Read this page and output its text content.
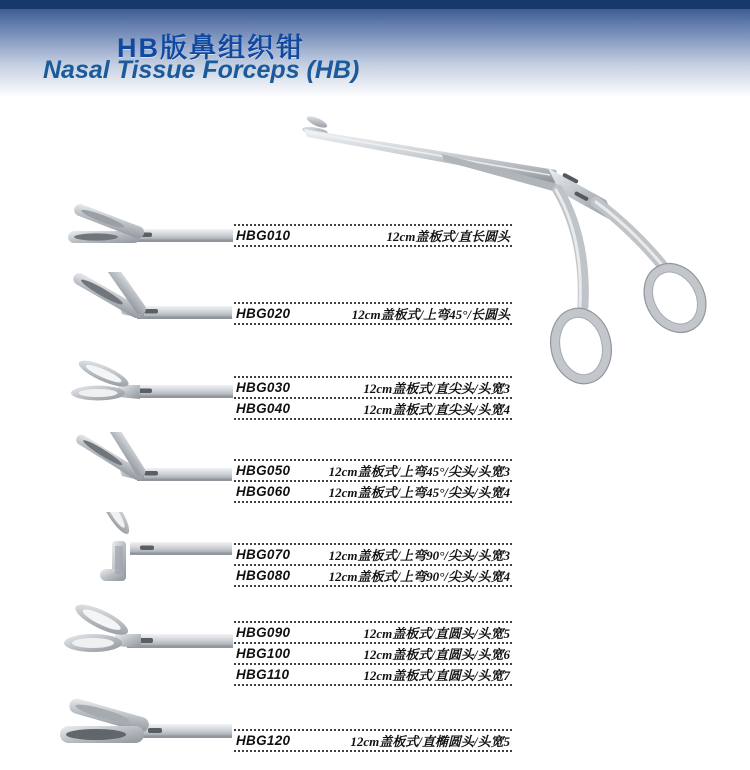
HB版鼻组织钳
Nasal Tissue Forceps (HB)
HBG010	12cm盖板式/直长圆头
HBG020	12cm盖板式/上弯45°/长圆头
HBG030	12cm盖板式/直尖头/头宽3
HBG040	12cm盖板式/直尖头/头宽4
HBG050	12cm盖板式/上弯45°/尖头/头宽3
HBG060	12cm盖板式/上弯45°/尖头/头宽4
HBG070	12cm盖板式/上弯90°/尖头/头宽3
HBG080	12cm盖板式/上弯90°/尖头/头宽4
HBG090	12cm盖板式/直圆头/头宽5
HBG100	12cm盖板式/直圆头/头宽6
HBG110	12cm盖板式/直圆头/头宽7
HBG120	12cm盖板式/直椭圆头/头宽5
